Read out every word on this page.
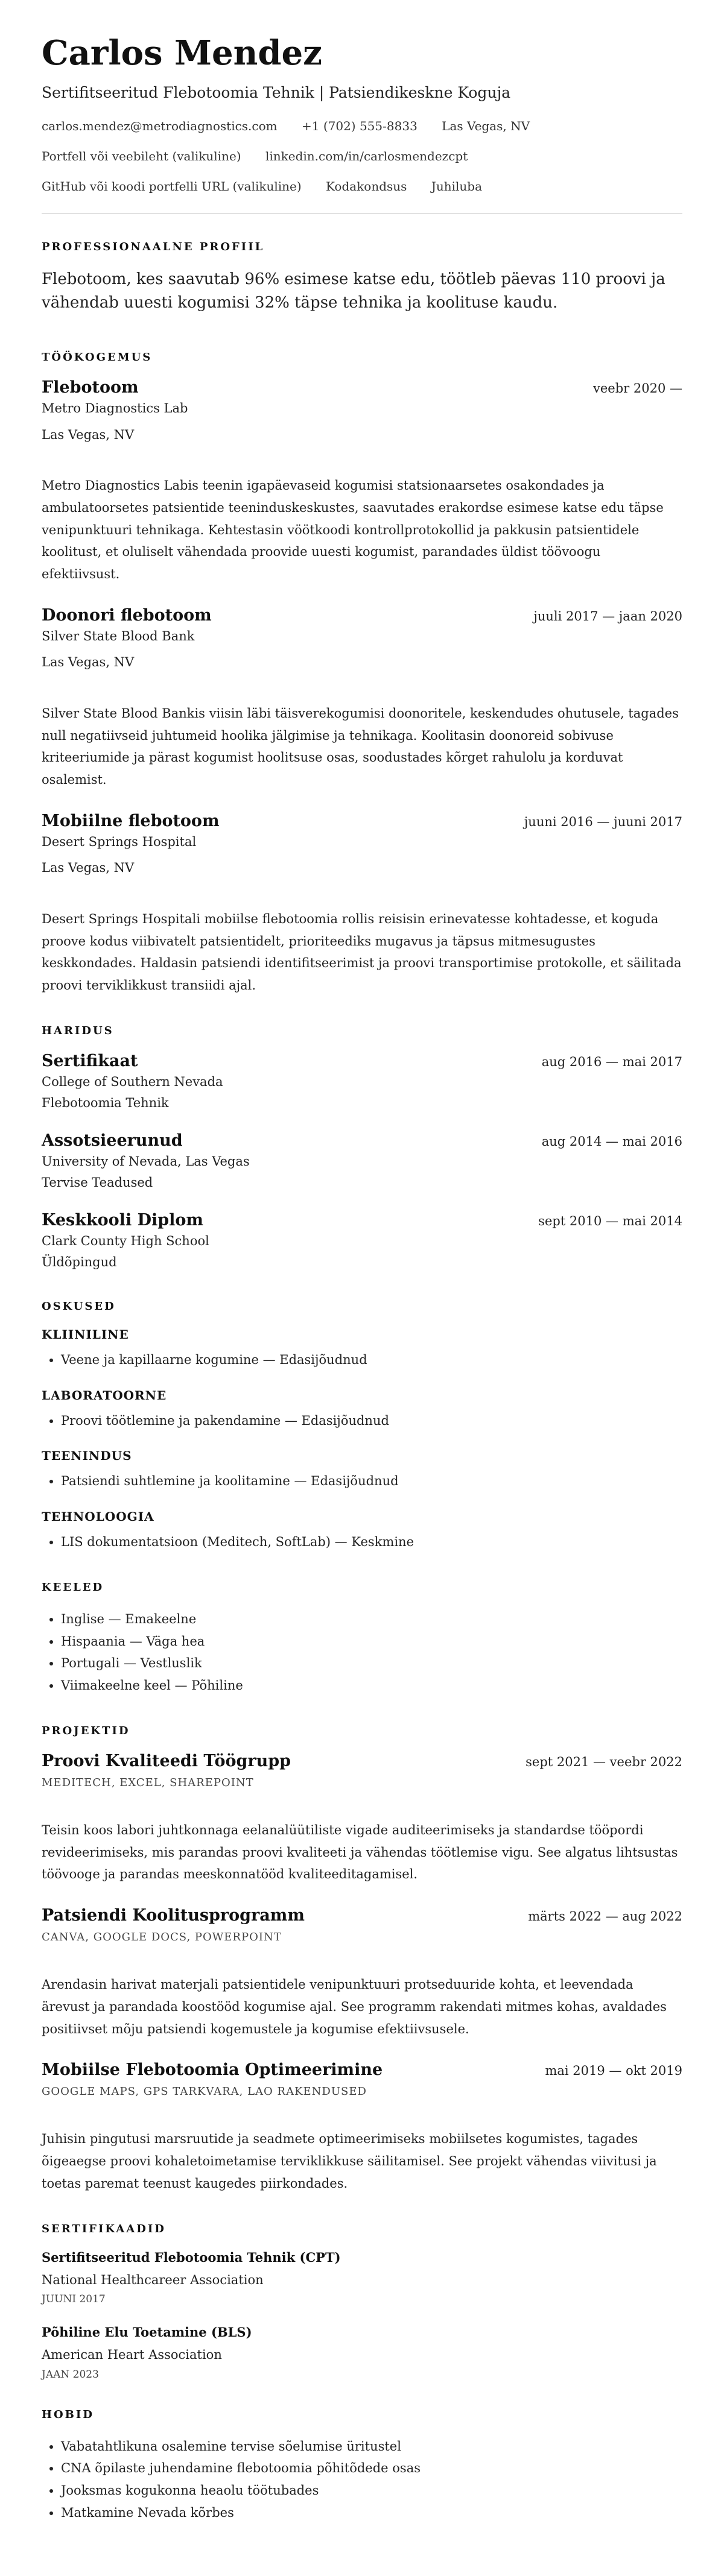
Carlos Mendez
Sertifitseeritud Flebotoomia Tehnik | Patsiendikeskne Koguja
carlos.mendez@metrodiagnostics.com +1 (702) 555-8833 Las Vegas, NV
Portfell või veebileht (valikuline) linkedin.com/in/carlosmendezcpt
GitHub või koodi portfelli URL (valikuline) Kodakondsus Juhiluba
PROFESSIONAALNE PROFIIL
Flebotoom, kes saavutab 96% esimese katse edu, töötleb päevas 110 proovi ja vähendab uuesti kogumisi 32% täpse tehnika ja koolituse kaudu.
TÖÖKOGEMUS
Flebotoom	veebr 2020 —
Metro Diagnostics Lab
Las Vegas, NV
Metro Diagnostics Labis teenin igapäevaseid kogumisi statsionaarsetes osakondades ja ambulatoorsetes patsientide teeninduskeskustes, saavutades erakordse esimese katse edu täpse venipunktuuri tehnikaga. Kehtestasin vöötkoodi kontrollprotokollid ja pakkusin patsientidele koolitust, et oluliselt vähendada proovide uuesti kogumist, parandades üldist töövoogu efektiivsust.
Doonori flebotoom	juuli 2017 — jaan 2020
Silver State Blood Bank
Las Vegas, NV
Silver State Blood Bankis viisin läbi täisverekogumisi doonoritele, keskendudes ohutusele, tagades null negatiivseid juhtumeid hoolika jälgimise ja tehnikaga. Koolitasin doonoreid sobivuse kriteeriumide ja pärast kogumist hoolitsuse osas, soodustades kõrget rahulolu ja korduvat osalemist.
Mobiilne flebotoom	juuni 2016 — juuni 2017
Desert Springs Hospital
Las Vegas, NV
Desert Springs Hospitali mobiilse flebotoomia rollis reisisin erinevatesse kohtadesse, et koguda proove kodus viibivatelt patsientidelt, prioriteediks mugavus ja täpsus mitmesugustes keskkondades. Haldasin patsiendi identifitseerimist ja proovi transportimise protokolle, et säilitada proovi terviklikkust transiidi ajal.
HARIDUS
Sertifikaat	aug 2016 — mai 2017
College of Southern Nevada
Flebotoomia Tehnik
Assotsieerunud	aug 2014 — mai 2016
University of Nevada, Las Vegas
Tervise Teadused
Keskkooli Diplom	sept 2010 — mai 2014
Clark County High School
Üldõpingud
OSKUSED
KLIINILINE
• Veene ja kapillaarne kogumine — Edasijõudnud
LABORATOORNE
• Proovi töötlemine ja pakendamine — Edasijõudnud
TEENINDUS
• Patsiendi suhtlemine ja koolitamine — Edasijõudnud
TEHNOLOOGIA
• LIS dokumentatsioon (Meditech, SoftLab) — Keskmine
KEELED
• Inglise — Emakeelne
• Hispaania — Väga hea
• Portugali — Vestluslik
• Viimakeelne keel — Põhiline
PROJEKTID
Proovi Kvaliteedi Töögrupp	sept 2021 — veebr 2022
MEDITECH, EXCEL, SHAREPOINT
Teisin koos labori juhtkonnaga eelanalüütiliste vigade auditeerimiseks ja standardse tööpordi revideerimiseks, mis parandas proovi kvaliteeti ja vähendas töötlemise vigu. See algatus lihtsustas töövooge ja parandas meeskonnatööd kvaliteeditagamisel.
Patsiendi Koolitusprogramm	märts 2022 — aug 2022
CANVA, GOOGLE DOCS, POWERPOINT
Arendasin harivat materjali patsientidele venipunktuuri protseduuride kohta, et leevendada ärevust ja parandada koostööd kogumise ajal. See programm rakendati mitmes kohas, avaldades positiivset mõju patsiendi kogemustele ja kogumise efektiivsusele.
Mobiilse Flebotoomia Optimeerimine	mai 2019 — okt 2019
GOOGLE MAPS, GPS TARKVARA, LAO RAKENDUSED
Juhisin pingutusi marsruutide ja seadmete optimeerimiseks mobiilsetes kogumistes, tagades õigeaegse proovi kohaletoimetamise terviklikkuse säilitamisel. See projekt vähendas viivitusi ja toetas paremat teenust kaugedes piirkondades.
SERTIFIKAADID
Sertifitseeritud Flebotoomia Tehnik (CPT)
National Healthcareer Association
JUUNI 2017
Põhiline Elu Toetamine (BLS)
American Heart Association
JAAN 2023
HOBID
• Vabatahtlikuna osalemine tervise sõelumise üritustel
• CNA õpilaste juhendamine flebotoomia põhitõdede osas
• Jooksmas kogukonna heaolu töötubades
• Matkamine Nevada kõrbes
